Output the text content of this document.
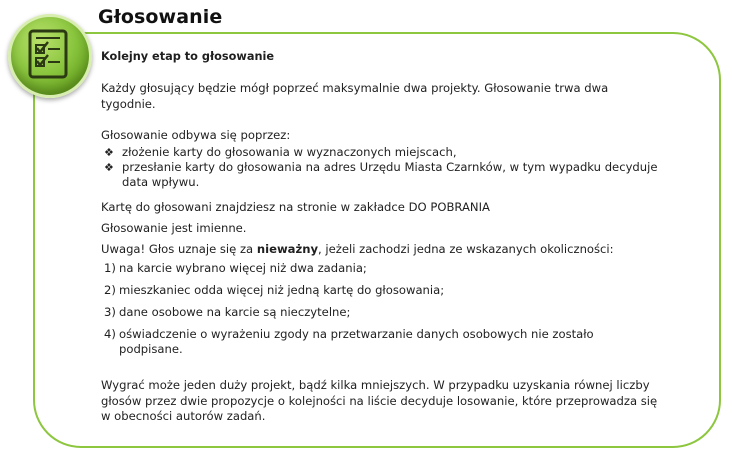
Głosowanie

Kolejny etap to głosowanie

Każdy głosujący będzie mógł poprzeć maksymalnie dwa projekty. Głosowanie trwa dwa tygodnie.

Głosowanie odbywa się poprzez:

❖ złożenie karty do głosowania w wyznaczonych miejscach,
❖ przesłanie karty do głosowania na adres Urzędu Miasta Czarnków, w tym wypadku decyduje data wpływu.

Kartę do głosowani znajdziesz na stronie w zakładce DO POBRANIA

Głosowanie jest imienne.

Uwaga! Głos uznaje się za nieważny, jeżeli zachodzi jedna ze wskazanych okoliczności:

1) na karcie wybrano więcej niż dwa zadania;
2) mieszkaniec odda więcej niż jedną kartę do głosowania;
3) dane osobowe na karcie są nieczytelne;
4) oświadczenie o wyrażeniu zgody na przetwarzanie danych osobowych nie zostało podpisane.

Wygrać może jeden duży projekt, bądź kilka mniejszych. W przypadku uzyskania równej liczby głosów przez dwie propozycje o kolejności na liście decyduje losowanie, które przeprowadza się w obecności autorów zadań.
